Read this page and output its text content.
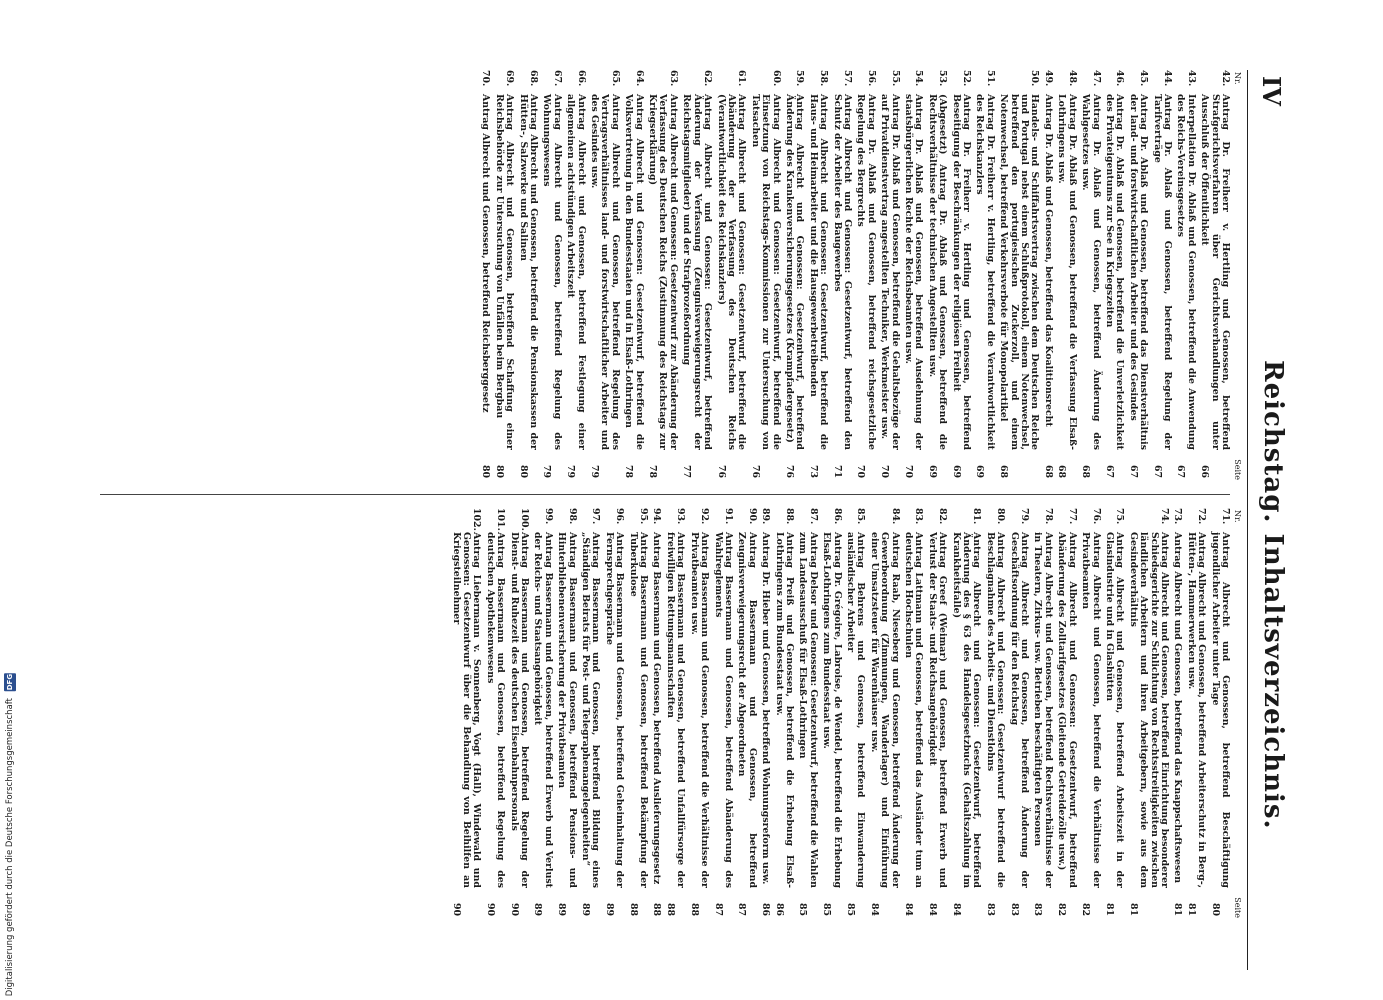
IV
Reichstag. Inhaltsverzeichnis.
Nr.
Seite
42.
Antrag Dr. Freiherr v. Hertling und Genossen, betreffend Strafgerichtsverfahren über Gerichtsverhandlungen unter Ausschluß der Öffentlichkeit
66
43.
Interpellation Dr. Ablaß und Genossen, betreffend die Anwendung des Reichs-Vereinsgesetzes
67
44.
Antrag Dr. Ablaß und Genossen, betreffend Regelung der Tarifverträge
67
45.
Antrag Dr. Ablaß und Genossen, betreffend das Dienstverhältnis der land- und forstwirtschaftlichen Arbeiter und des Gesindes
67
46.
Antrag Dr. Ablaß und Genossen, betreffend die Unverletzlichkeit des Privateigentums zur See in Kriegszeiten
67
47.
Antrag Dr. Ablaß und Genossen, betreffend Änderung des Wahlgesetzes usw.
68
48.
Antrag Dr. Ablaß und Genossen, betreffend die Verfassung Elsaß-Lothringens usw.
68
49.
Antrag Dr. Ablaß und Genossen, betreffend das Koalitionsrecht
68
50.
Handels- und Schiffahrtsvertrag zwischen dem Deutschen Reiche und Portugal nebst einem Schlußprotokoll, einem Notenwechsel, betreffend den portugiesischen Zuckerzoll, und einem Notenwechsel, betreffend Verkehrsverbote für Monopolartikel
68
51.
Antrag Dr. Freiherr v. Hertling, betreffend die Verantwortlichkeit des Reichskanzlers
69
52.
Antrag Dr. Freiherr v. Hertling und Genossen, betreffend Beseitigung der Beschränkungen der religiösen Freiheit
69
53.
(Abgesetzt) Antrag Dr. Ablaß und Genossen, betreffend die Rechtsverhältnisse der technischen Angestellten usw.
69
54.
Antrag Dr. Ablaß und Genossen, betreffend Ausdehnung der staatsbürgerlichen Rechte der Reichsbeamten usw.
70
55.
Antrag Dr. Ablaß und Genossen, betreffend die Gehaltsbezüge der auf Privatdienstvertrag angestellten Techniker, Werkmeister usw.
70
56.
Antrag Dr. Ablaß und Genossen, betreffend reichsgesetzliche Regelung des Bergrechts
70
57.
Antrag Albrecht und Genossen: Gesetzentwurf, betreffend den Schutz der Arbeiter des Baugewerbes
71
58.
Antrag Albrecht und Genossen: Gesetzentwurf, betreffend die Haus- und Heimarbeiter und die Hausgewerbetreibenden
73
59.
Antrag Albrecht und Genossen: Gesetzentwurf, betreffend Änderung des Krankenversicherungsgesetzes (Krampfadergesetz)
76
60.
Antrag Albrecht und Genossen: Gesetzentwurf, betreffend die Einsetzung von Reichstags-Kommissionen zur Untersuchung von Tatsachen
76
61.
Antrag Albrecht und Genossen: Gesetzentwurf, betreffend die Abänderung der Verfassung des Deutschen Reichs (Verantwortlichkeit des Reichskanzlers)
76
62.
Antrag Albrecht und Genossen: Gesetzentwurf, betreffend Änderung der Verfassung (Zeugnisverweigerungsrecht der Reichstagsmitglieder) und der Strafprozeßordnung
77
63.
Antrag Albrecht und Genossen: Gesetzentwurf zur Abänderung der Verfassung des Deutschen Reichs (Zustimmung des Reichstags zur Kriegserklärung)
78
64.
Antrag Albrecht und Genossen: Gesetzentwurf, betreffend die Volksvertretung in den Bundesstaaten und in Elsaß-Lothringen
78
65.
Antrag Albrecht und Genossen, betreffend Regelung des Vertragsverhältnisses land- und forstwirtschaftlicher Arbeiter und des Gesindes usw.
79
66.
Antrag Albrecht und Genossen, betreffend Festlegung einer allgemeinen achtstündigen Arbeitszeit
79
67.
Antrag Albrecht und Genossen, betreffend Regelung des Wohnungswesens
79
68.
Antrag Albrecht und Genossen, betreffend die Pensionskassen der Hütten-, Salzwerke und Salinen
80
69.
Antrag Albrecht und Genossen, betreffend Schaffung einer Reichsbehörde zur Untersuchung von Unfällen beim Bergbau
80
70.
Antrag Albrecht und Genossen, betreffend Reichsberggesetz
80
Nr.
Seite
71.
Antrag Albrecht und Genossen, betreffend Beschäftigung jugendlicher Arbeiter unter Tage
80
72.
Antrag Albrecht und Genossen, betreffend Arbeiterschutz in Berg-, Hütten-, Hammerwerken usw.
81
73.
Antrag Albrecht und Genossen, betreffend das Knappschaftswesen
81
74.
Antrag Albrecht und Genossen, betreffend Einrichtung besonderer Schiedsgerichte zur Schlichtung von Rechtsstreitigkeiten zwischen ländlichen Arbeitern und ihren Arbeitgebern, sowie aus dem Gesindeverhältnis
81
75.
Antrag Albrecht und Genossen, betreffend Arbeitszeit in der Glasindustrie und in Glashütten
81
76.
Antrag Albrecht und Genossen, betreffend die Verhältnisse der Privatbeamten
82
77.
Antrag Albrecht und Genossen: Gesetzentwurf, betreffend Abänderung des Zolltarifgesetzes (Gleitende Getreidezölle usw.)
82
78.
Antrag Albrecht und Genossen, betreffend Rechtsverhältnisse der in Theatern, Zirkus- usw. Betrieben beschäftigten Personen
83
79.
Antrag Albrecht und Genossen, betreffend Änderung der Geschäftsordnung für den Reichstag
83
80.
Antrag Albrecht und Genossen: Gesetzentwurf betreffend die Beschlagnahme des Arbeits- und Dienstlohns
83
81.
Antrag Albrecht und Genossen: Gesetzentwurf, betreffend Änderung des § 63 des Handelsgesetzbuchs (Gehaltszahlung im Krankheitsfalle)
84
82.
Antrag Greef (Weimar) und Genossen, betreffend Erwerb und Verlust der Staats- und Reichsangehörigkeit
84
83.
Antrag Lattmann und Genossen, betreffend das Ausländer tum an deutschen Hochschulen
84
84.
Antrag Raab, Nieseberg und Genossen, betreffend Änderung der Gewerbeordnung (Zimmungen, Wanderlager) und Einführung einer Umsatzsteuer für Warenhäuser usw.
84
85.
Antrag Behrens und Genossen, betreffend Einwanderung ausländischer Arbeiter
85
86.
Antrag Dr. Grégoire, Labroise, de Wendel, betreffend die Erhebung Elsaß-Lothringens zum Bundesstaat usw.
85
87.
Antrag Delsor und Genossen: Gesetzentwurf, betreffend die Wahlen zum Landesausschuß für Elsaß-Lothringen
85
88.
Antrag Preiß und Genossen, betreffend die Erhebung Elsaß-Lothringens zum Bundesstaat usw.
86
89.
Antrag Dr. Hieber und Genossen, betreffend Wohnungsreform usw.
86
90.
Antrag Bassermann und Genossen, betreffend Zeugnisverweigerungsrecht der Abgeordneten
87
91.
Antrag Bassermann und Genossen, betreffend Abänderung des Wahlreglements
87
92.
Antrag Bassermann und Genossen, betreffend die Verhältnisse der Privatbeamten usw.
88
93.
Antrag Bassermann und Genossen, betreffend Unfallfürsorge der freiwilligen Rettungsmannschaften
88
94.
Antrag Bassermann und Genossen, betreffend Auslieferungsgesetz
88
95.
Antrag Bassermann und Genossen, betreffend Bekämpfung der Tuberkulose
88
96.
Antrag Bassermann und Genossen, betreffend Geheimhaltung der Fernsprechgespräche
89
97.
Antrag Bassermann und Genossen, betreffend Bildung eines „Ständigen Beirats für Post- und Telegraphenangelegenheiten“
89
98.
Antrag Bassermann und Genossen, betreffend Pensions- und Hinterbliebenenversicherung der Privatbeamten
89
99.
Antrag Bassermann und Genossen, betreffend Erwerb und Verlust der Reichs- und Staatsangehörigkeit
89
100.
Antrag Bassermann und Genossen, betreffend Regelung der Dienst- und Ruhezeit des deutschen Eisenbahnpersonals
90
101.
Antrag Bassermann und Genossen, betreffend Regelung des deutschen Apothekenwesens
90
102.
Antrag Liebermann v. Sonnenberg, Vogt (Hall), Windewald und Genossen: Gesetzentwurf über die Behandlung von Beihilfen an Kriegsteilnehmer
90
Digitalisierung gefördert durch die Deutsche Forschungsgemeinschaft DFG
